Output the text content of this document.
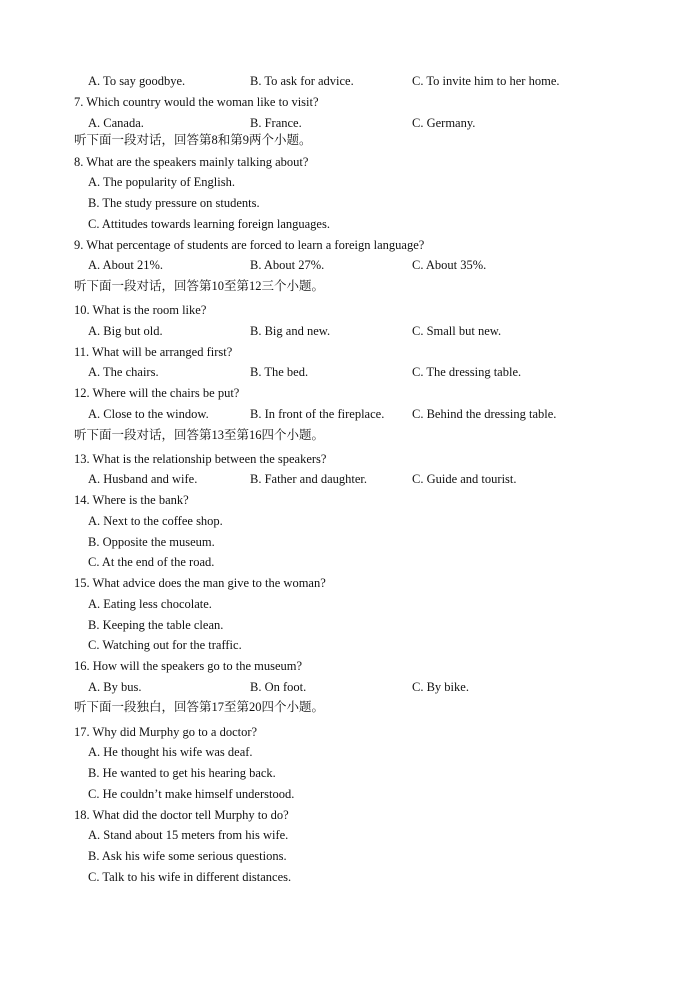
A. To say goodbye.	B. To ask for advice.	C. To invite him to her home.
7. Which country would the woman like to visit?
A. Canada.	B. France.	C. Germany.
听下面一段对话，回答第8和第9两个小题。
8. What are the speakers mainly talking about?
A. The popularity of English.
B. The study pressure on students.
C. Attitudes towards learning foreign languages.
9. What percentage of students are forced to learn a foreign language?
A. About 21%.	B. About 27%.	C. About 35%.
听下面一段对话，回答第10至第12三个小题。
10. What is the room like?
A. Big but old.	B. Big and new.	C. Small but new.
11. What will be arranged first?
A. The chairs.	B. The bed.	C. The dressing table.
12. Where will the chairs be put?
A. Close to the window.	B. In front of the fireplace. C. Behind the dressing table.
听下面一段对话，回答第13至第16四个小题。
13. What is the relationship between the speakers?
A. Husband and wife.	B. Father and daughter.	C. Guide and tourist.
14. Where is the bank?
A. Next to the coffee shop.
B. Opposite the museum.
C. At the end of the road.
15. What advice does the man give to the woman?
A. Eating less chocolate.
B. Keeping the table clean.
C. Watching out for the traffic.
16. How will the speakers go to the museum?
A. By bus.	B. On foot.	C. By bike.
听下面一段独白，回答第17至第20四个小题。
17. Why did Murphy go to a doctor?
A. He thought his wife was deaf.
B. He wanted to get his hearing back.
C. He couldn’t make himself understood.
18. What did the doctor tell Murphy to do?
A. Stand about 15 meters from his wife.
B. Ask his wife some serious questions.
C. Talk to his wife in different distances.
